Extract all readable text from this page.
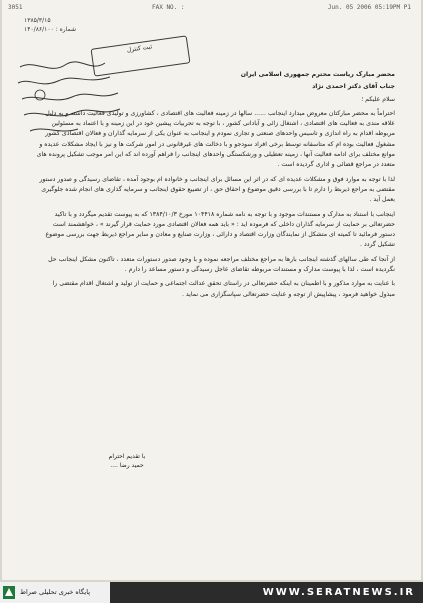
3051	FAX NO. :	Jun. 05 2006 05:19PM P1
۱۳۸۵/۳/۱۵
شماره : ۱۴۰/۸۶/۱۰۰
ثبت کنترل

محضر مبارک ریاست محترم جمهوری اسلامی ایران

جناب آقای دکتر احمدی نژاد

سلام علیکم ؛

احتراماً به محضر مبارکتان معروض میدارد اینجانب ...... سالها در زمینه فعالیت های اقتصادی ، کشاورزی و تولیدی فعالیت داشته و به دلیل علاقه مندی به فعالیت های اقتصادی ، اشتغال زائی و آبادانی کشور ، با توجه به تجربیات پیشین خود در این زمینه و با اعتماد به مسئولین مربوطه اقدام به راه اندازی و تاسیس واحدهای صنعتی و تجاری نمودم و اینجانب به عنوان یکی از سرمایه گذاران و فعالان اقتصادی کشور مشغول فعالیت بوده ام که متاسفانه توسط برخی افراد سودجو و با دخالت های غیرقانونی در امور شرکت ها و نیز با ایجاد مشکلات عدیده و موانع مختلف برای ادامه فعالیت آنها ، زمینه تعطیلی و ورشکستگی واحدهای اینجانب را فراهم آورده اند که این امر موجب تشکیل پرونده های متعدد در مراجع قضائی و اداری گردیده است .

لذا با توجه به موارد فوق و مشکلات عدیده ای که در اثر این مسائل برای اینجانب و خانواده ام بوجود آمده ، تقاضای رسیدگی و صدور دستور مقتضی به مراجع ذیربط را دارم تا با بررسی دقیق موضوع و احقاق حق ، از تضییع حقوق اینجانب و سرمایه گذاری های انجام شده جلوگیری بعمل آید .

اینجانب با استناد به مدارک و مستندات موجود و با توجه به نامه شماره ۱۰۴۴۱۸ مورخ ۱۳۸۴/۱۰/۳ که به پیوست تقدیم میگردد و با تاکید حضرتعالی بر حمایت از سرمایه گذاران داخلی که فرموده اید : « باید همه فعالان اقتصادی مورد حمایت قرار گیرند » ، خواهشمند است دستور فرمائید تا کمیته ای متشکل از نمایندگان وزارت اقتصاد و دارائی ، وزارت صنایع و معادن و سایر مراجع ذیربط جهت بررسی موضوع تشکیل گردد .

از آنجا که طی سالهای گذشته اینجانب بارها به مراجع مختلف مراجعه نموده و با وجود صدور دستورات متعدد ، تاکنون مشکل اینجانب حل نگردیده است ، لذا با پیوست مدارک و مستندات مربوطه تقاضای عاجل رسیدگی و دستور مساعد را دارم .

با عنایت به موارد مذکور و با اطمینان به اینکه حضرتعالی در راستای تحقق عدالت اجتماعی و حمایت از تولید و اشتغال اقدام مقتضی را مبذول خواهید فرمود ، پیشاپیش از توجه و عنایت حضرتعالی سپاسگزاری می نماید .

با تقدیم احترام
حمید رضا ....
پایگاه خبری تحلیلی صراط	WWW.SERATNEWS.IR
